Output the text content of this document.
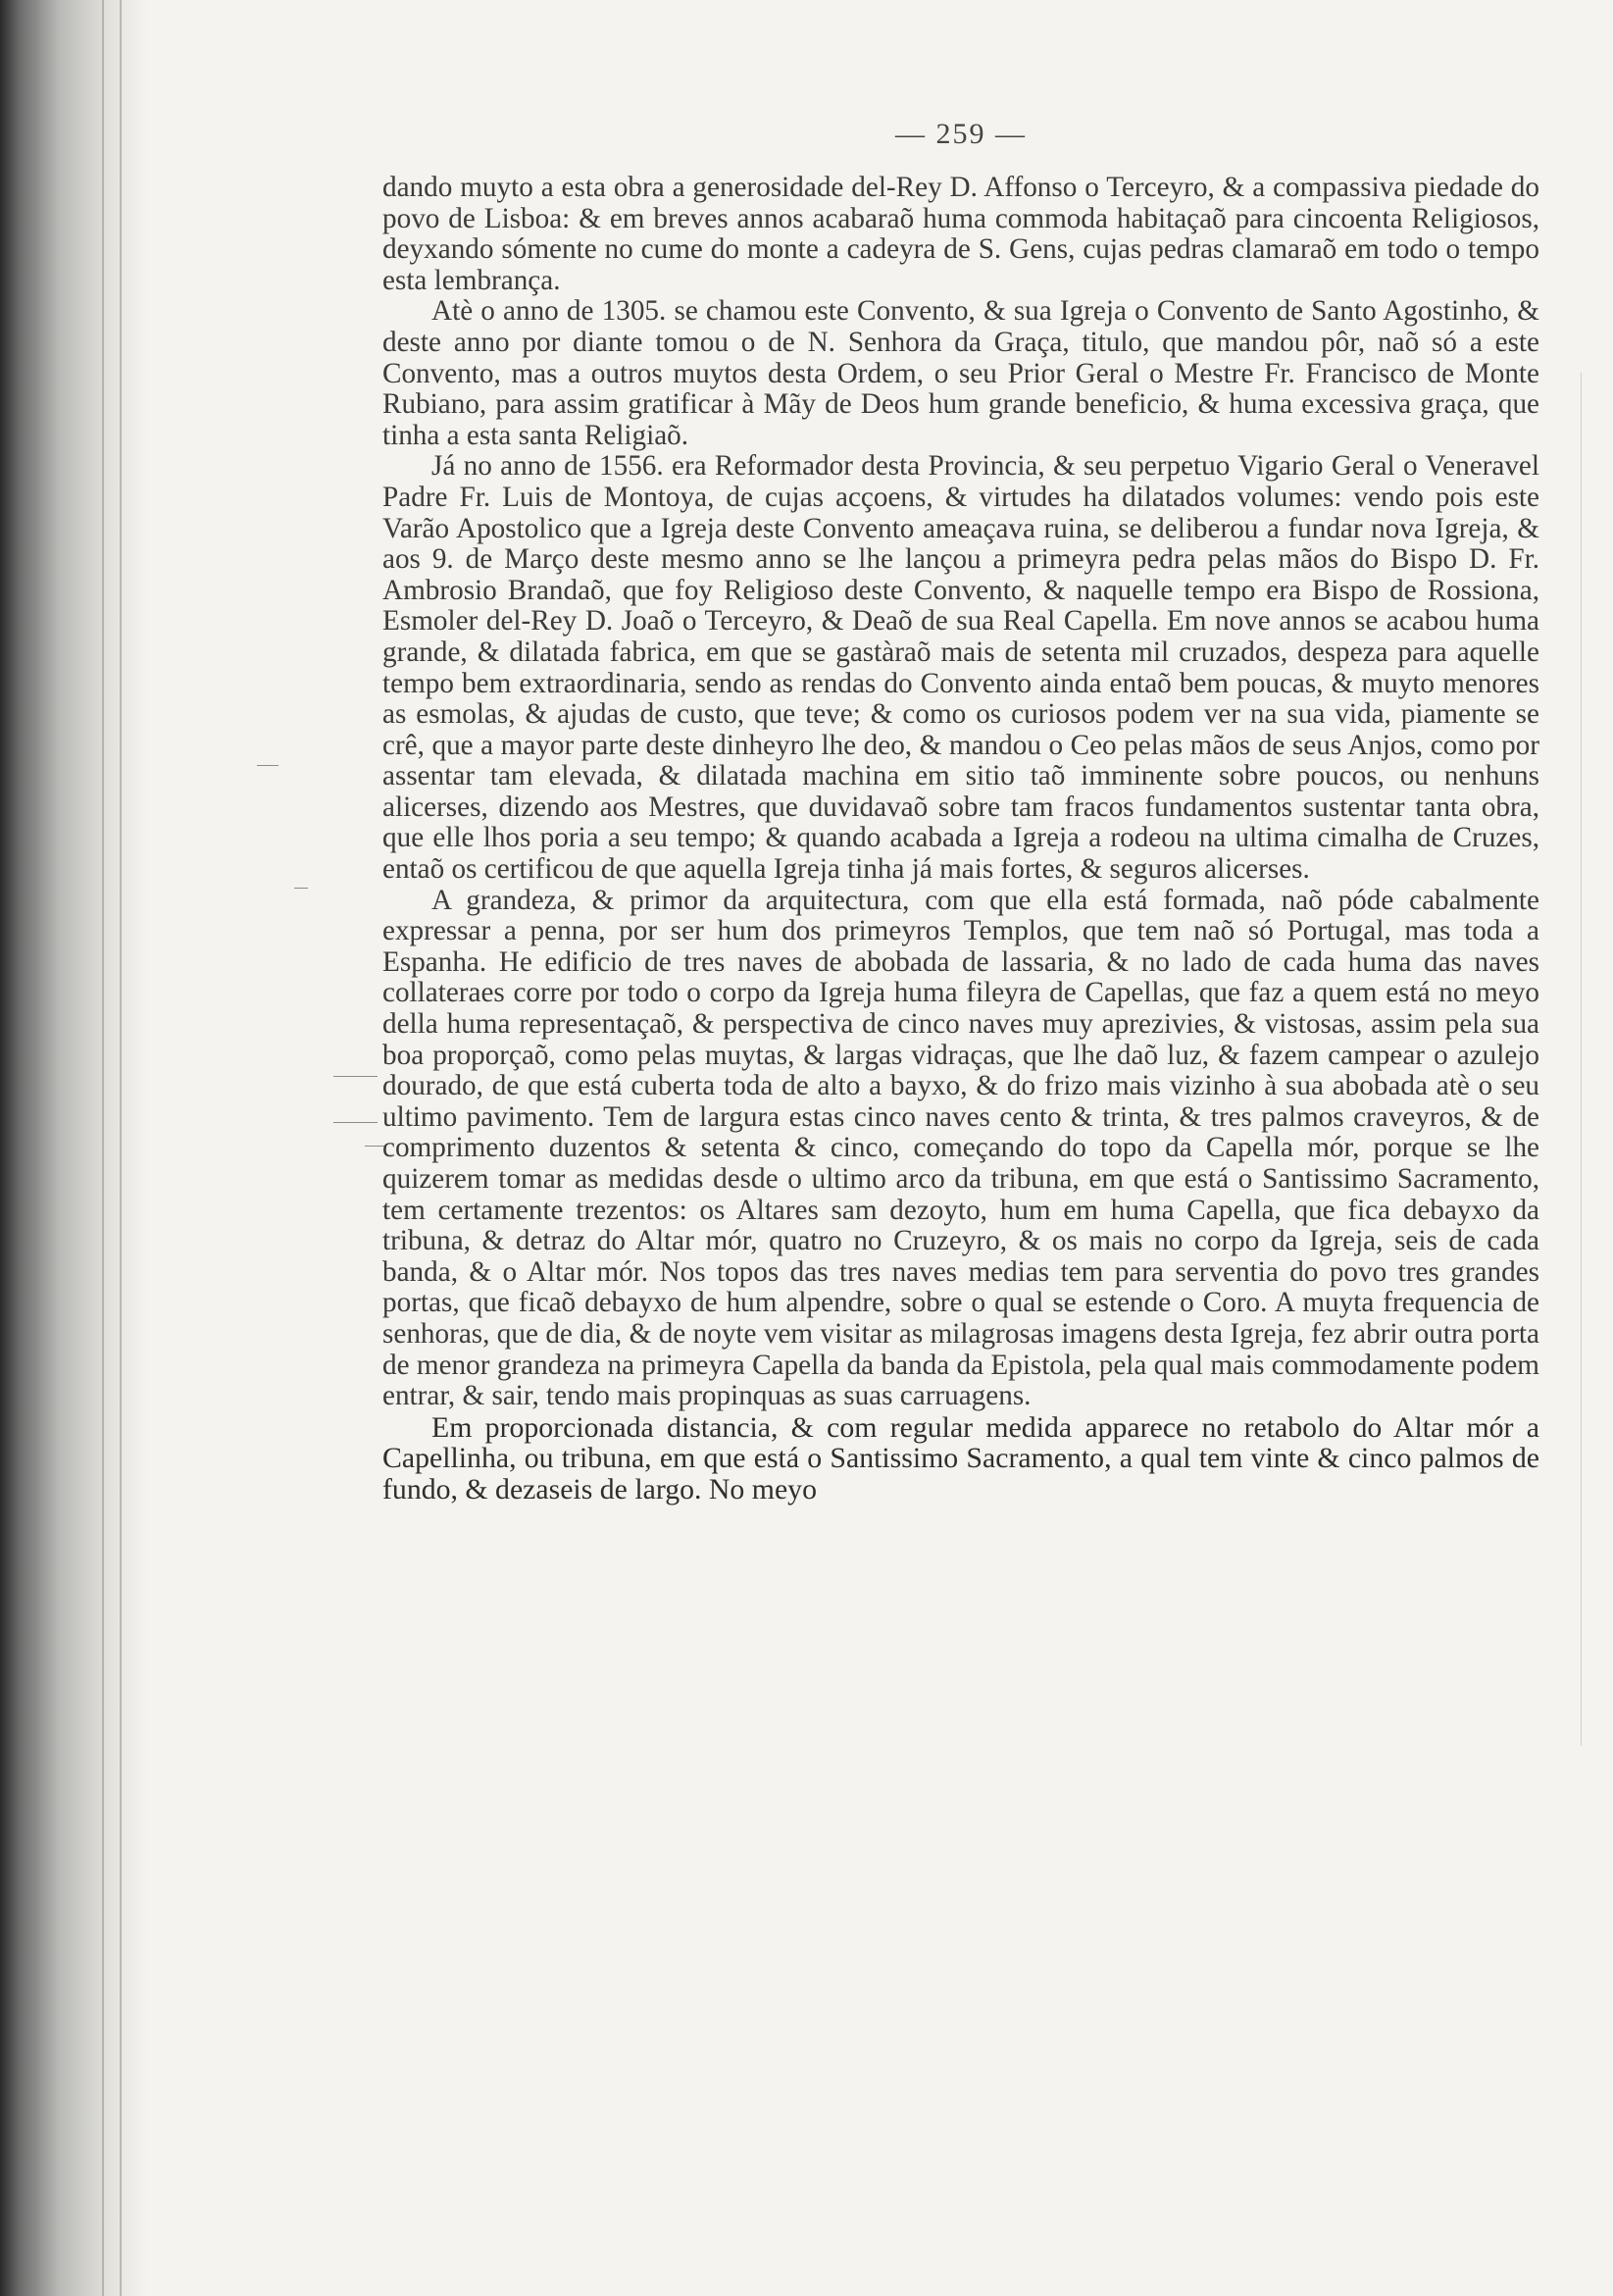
— 259 —

dando muyto a esta obra a generosidade del-Rey D. Affonso o Terceyro, & a compassiva piedade do povo de Lisboa: & em breves annos acabaraõ huma commoda habitaçaõ para cincoenta Religiosos, deyxando sómente no cume do monte a cadeyra de S. Gens, cujas pedras clamaraõ em todo o tempo esta lembrança.

Atè o anno de 1305. se chamou este Convento, & sua Igreja o Convento de Santo Agostinho, & deste anno por diante tomou o de N. Senhora da Graça, titulo, que mandou pôr, naõ só a este Convento, mas a outros muytos desta Ordem, o seu Prior Geral o Mestre Fr. Francisco de Monte Rubiano, para assim gratificar à Mãy de Deos hum grande beneficio, & huma excessiva graça, que tinha a esta santa Religiaõ.

Já no anno de 1556. era Reformador desta Provincia, & seu perpetuo Vigario Geral o Veneravel Padre Fr. Luis de Montoya, de cujas acçoens, & virtudes ha dilatados volumes: vendo pois este Varão Apostolico que a Igreja deste Convento ameaçava ruina, se deliberou a fundar nova Igreja, & aos 9. de Março deste mesmo anno se lhe lançou a primeyra pedra pelas mãos do Bispo D. Fr. Ambrosio Brandaõ, que foy Religioso deste Convento, & naquelle tempo era Bispo de Rossiona, Esmoler del-Rey D. Joaõ o Terceyro, & Deaõ de sua Real Capella. Em nove annos se acabou huma grande, & dilatada fabrica, em que se gastàraõ mais de setenta mil cruzados, despeza para aquelle tempo bem extraordinaria, sendo as rendas do Convento ainda entaõ bem poucas, & muyto menores as esmolas, & ajudas de custo, que teve; & como os curiosos podem ver na sua vida, piamente se crê, que a mayor parte deste dinheyro lhe deo, & mandou o Ceo pelas mãos de seus Anjos, como por assentar tam elevada, & dilatada machina em sitio taõ imminente sobre poucos, ou nenhuns alicerses, dizendo aos Mestres, que duvidavaõ sobre tam fracos fundamentos sustentar tanta obra, que elle lhos poria a seu tempo; & quando acabada a Igreja a rodeou na ultima cimalha de Cruzes, entaõ os certificou de que aquella Igreja tinha já mais fortes, & seguros alicerses.

A grandeza, & primor da arquitectura, com que ella está formada, naõ póde cabalmente expressar a penna, por ser hum dos primeyros Templos, que tem naõ só Portugal, mas toda a Espanha. He edificio de tres naves de abobada de lassaria, & no lado de cada huma das naves collateraes corre por todo o corpo da Igreja huma fileyra de Capellas, que faz a quem está no meyo della huma representaçaõ, & perspectiva de cinco naves muy aprezivies, & vistosas, assim pela sua boa proporçaõ, como pelas muytas, & largas vidraças, que lhe daõ luz, & fazem campear o azulejo dourado, de que está cuberta toda de alto a bayxo, & do frizo mais vizinho à sua abobada atè o seu ultimo pavimento. Tem de largura estas cinco naves cento & trinta, & tres palmos craveyros, & de comprimento duzentos & setenta & cinco, começando do topo da Capella mór, porque se lhe quizerem tomar as medidas desde o ultimo arco da tribuna, em que está o Santissimo Sacramento, tem certamente trezentos: os Altares sam dezoyto, hum em huma Capella, que fica debayxo da tribuna, & detraz do Altar mór, quatro no Cruzeyro, & os mais no corpo da Igreja, seis de cada banda, & o Altar mór. Nos topos das tres naves medias tem para serventia do povo tres grandes portas, que ficaõ debayxo de hum alpendre, sobre o qual se estende o Coro. A muyta frequencia de senhoras, que de dia, & de noyte vem visitar as milagrosas imagens desta Igreja, fez abrir outra porta de menor grandeza na primeyra Capella da banda da Epistola, pela qual mais commodamente podem entrar, & sair, tendo mais propinquas as suas carruagens.

Em proporcionada distancia, & com regular medida apparece no retabolo do Altar mór a Capellinha, ou tribuna, em que está o Santissimo Sacramento, a qual tem vinte & cinco palmos de fundo, & dezaseis de largo. No meyo
